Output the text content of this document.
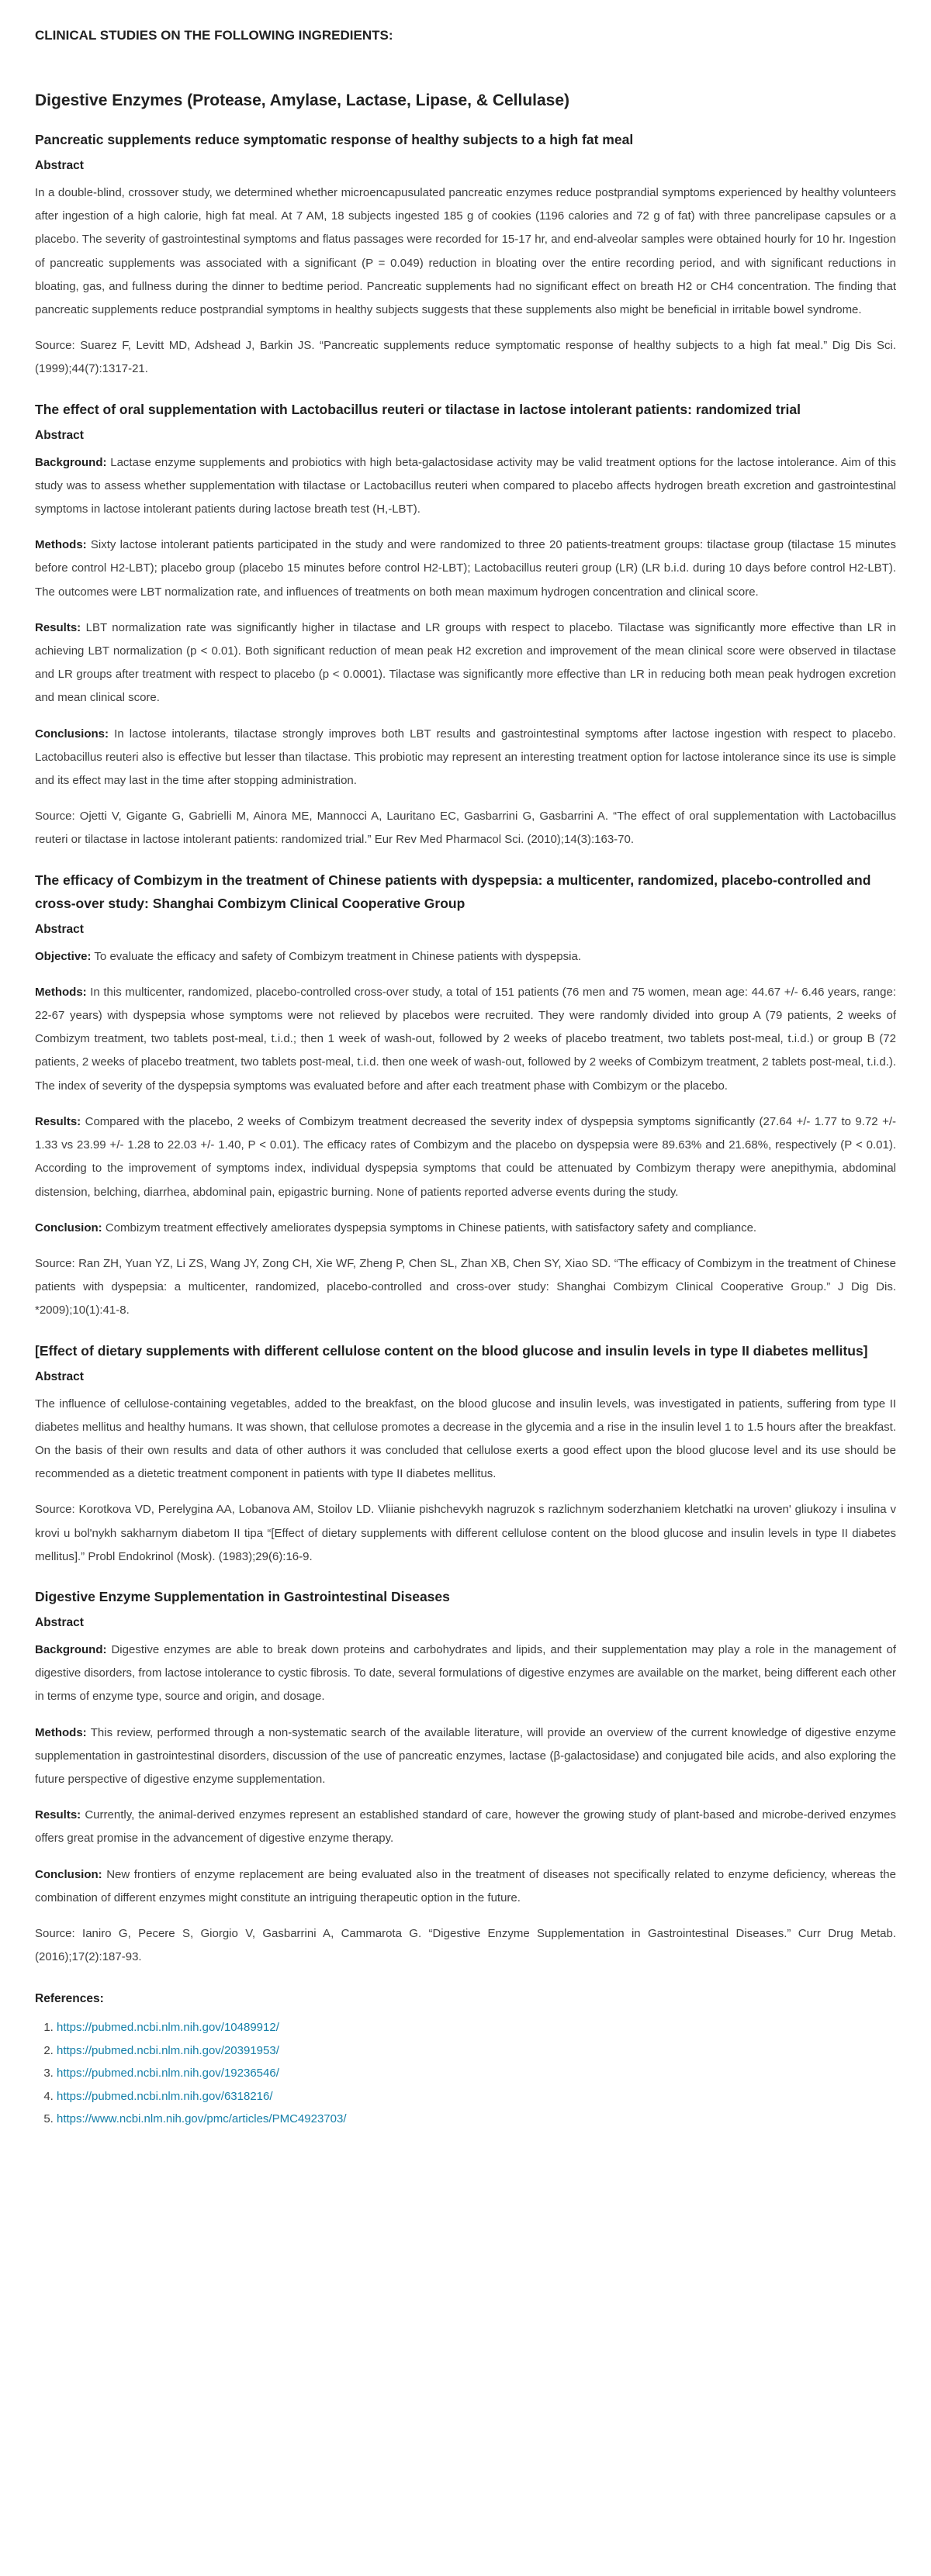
CLINICAL STUDIES ON THE FOLLOWING INGREDIENTS:
Digestive Enzymes (Protease, Amylase, Lactase, Lipase, & Cellulase)
Pancreatic supplements reduce symptomatic response of healthy subjects to a high fat meal
Abstract

In a double-blind, crossover study, we determined whether microencapusulated pancreatic enzymes reduce postprandial symptoms experienced by healthy volunteers after ingestion of a high calorie, high fat meal. At 7 AM, 18 subjects ingested 185 g of cookies (1196 calories and 72 g of fat) with three pancrelipase capsules or a placebo. The severity of gastrointestinal symptoms and flatus passages were recorded for 15-17 hr, and end-alveolar samples were obtained hourly for 10 hr. Ingestion of pancreatic supplements was associated with a significant (P = 0.049) reduction in bloating over the entire recording period, and with significant reductions in bloating, gas, and fullness during the dinner to bedtime period. Pancreatic supplements had no significant effect on breath H2 or CH4 concentration. The finding that pancreatic supplements reduce postprandial symptoms in healthy subjects suggests that these supplements also might be beneficial in irritable bowel syndrome.

Source: Suarez F, Levitt MD, Adshead J, Barkin JS. “Pancreatic supplements reduce symptomatic response of healthy subjects to a high fat meal.” Dig Dis Sci. (1999);44(7):1317-21.

The effect of oral supplementation with Lactobacillus reuteri or tilactase in lactose intolerant patients: randomized trial
Abstract

Background: Lactase enzyme supplements and probiotics with high beta-galactosidase activity may be valid treatment options for the lactose intolerance. Aim of this study was to assess whether supplementation with tilactase or Lactobacillus reuteri when compared to placebo affects hydrogen breath excretion and gastrointestinal symptoms in lactose intolerant patients during lactose breath test (H,-LBT).

Methods: Sixty lactose intolerant patients participated in the study and were randomized to three 20 patients-treatment groups: tilactase group (tilactase 15 minutes before control H2-LBT); placebo group (placebo 15 minutes before control H2-LBT); Lactobacillus reuteri group (LR) (LR b.i.d. during 10 days before control H2-LBT). The outcomes were LBT normalization rate, and influences of treatments on both mean maximum hydrogen concentration and clinical score.

Results: LBT normalization rate was significantly higher in tilactase and LR groups with respect to placebo. Tilactase was significantly more effective than LR in achieving LBT normalization (p < 0.01). Both significant reduction of mean peak H2 excretion and improvement of the mean clinical score were observed in tilactase and LR groups after treatment with respect to placebo (p < 0.0001). Tilactase was significantly more effective than LR in reducing both mean peak hydrogen excretion and mean clinical score.

Conclusions: In lactose intolerants, tilactase strongly improves both LBT results and gastrointestinal symptoms after lactose ingestion with respect to placebo. Lactobacillus reuteri also is effective but lesser than tilactase. This probiotic may represent an interesting treatment option for lactose intolerance since its use is simple and its effect may last in the time after stopping administration.

Source: Ojetti V, Gigante G, Gabrielli M, Ainora ME, Mannocci A, Lauritano EC, Gasbarrini G, Gasbarrini A. “The effect of oral supplementation with Lactobacillus reuteri or tilactase in lactose intolerant patients: randomized trial.” Eur Rev Med Pharmacol Sci. (2010);14(3):163-70.

The efficacy of Combizym in the treatment of Chinese patients with dyspepsia: a multicenter, randomized, placebo-controlled and cross-over study: Shanghai Combizym Clinical Cooperative Group
Abstract

Objective: To evaluate the efficacy and safety of Combizym treatment in Chinese patients with dyspepsia.

Methods: In this multicenter, randomized, placebo-controlled cross-over study, a total of 151 patients (76 men and 75 women, mean age: 44.67 +/- 6.46 years, range: 22-67 years) with dyspepsia whose symptoms were not relieved by placebos were recruited. They were randomly divided into group A (79 patients, 2 weeks of Combizym treatment, two tablets post-meal, t.i.d.; then 1 week of wash-out, followed by 2 weeks of placebo treatment, two tablets post-meal, t.i.d.) or group B (72 patients, 2 weeks of placebo treatment, two tablets post-meal, t.i.d. then one week of wash-out, followed by 2 weeks of Combizym treatment, 2 tablets post-meal, t.i.d.). The index of severity of the dyspepsia symptoms was evaluated before and after each treatment phase with Combizym or the placebo.

Results: Compared with the placebo, 2 weeks of Combizym treatment decreased the severity index of dyspepsia symptoms significantly (27.64 +/- 1.77 to 9.72 +/- 1.33 vs 23.99 +/- 1.28 to 22.03 +/- 1.40, P < 0.01). The efficacy rates of Combizym and the placebo on dyspepsia were 89.63% and 21.68%, respectively (P < 0.01). According to the improvement of symptoms index, individual dyspepsia symptoms that could be attenuated by Combizym therapy were anepithymia, abdominal distension, belching, diarrhea, abdominal pain, epigastric burning. None of patients reported adverse events during the study.

Conclusion: Combizym treatment effectively ameliorates dyspepsia symptoms in Chinese patients, with satisfactory safety and compliance.

Source: Ran ZH, Yuan YZ, Li ZS, Wang JY, Zong CH, Xie WF, Zheng P, Chen SL, Zhan XB, Chen SY, Xiao SD. “The efficacy of Combizym in the treatment of Chinese patients with dyspepsia: a multicenter, randomized, placebo-controlled and cross-over study: Shanghai Combizym Clinical Cooperative Group.” J Dig Dis. *2009);10(1):41-8.

[Effect of dietary supplements with different cellulose content on the blood glucose and insulin levels in type II diabetes mellitus]
Abstract

The influence of cellulose-containing vegetables, added to the breakfast, on the blood glucose and insulin levels, was investigated in patients, suffering from type II diabetes mellitus and healthy humans. It was shown, that cellulose promotes a decrease in the glycemia and a rise in the insulin level 1 to 1.5 hours after the breakfast. On the basis of their own results and data of other authors it was concluded that cellulose exerts a good effect upon the blood glucose level and its use should be recommended as a dietetic treatment component in patients with type II diabetes mellitus.

Source: Korotkova VD, Perelygina AA, Lobanova AM, Stoilov LD. Vliianie pishchevykh nagruzok s razlichnym soderzhaniem kletchatki na uroven' gliukozy i insulina v krovi u bol'nykh sakharnym diabetom II tipa “[Effect of dietary supplements with different cellulose content on the blood glucose and insulin levels in type II diabetes mellitus].” Probl Endokrinol (Mosk). (1983);29(6):16-9.

Digestive Enzyme Supplementation in Gastrointestinal Diseases
Abstract

Background: Digestive enzymes are able to break down proteins and carbohydrates and lipids, and their supplementation may play a role in the management of digestive disorders, from lactose intolerance to cystic fibrosis. To date, several formulations of digestive enzymes are available on the market, being different each other in terms of enzyme type, source and origin, and dosage.

Methods: This review, performed through a non-systematic search of the available literature, will provide an overview of the current knowledge of digestive enzyme supplementation in gastrointestinal disorders, discussion of the use of pancreatic enzymes, lactase (β-galactosidase) and conjugated bile acids, and also exploring the future perspective of digestive enzyme supplementation.

Results: Currently, the animal-derived enzymes represent an established standard of care, however the growing study of plant-based and microbe-derived enzymes offers great promise in the advancement of digestive enzyme therapy.

Conclusion: New frontiers of enzyme replacement are being evaluated also in the treatment of diseases not specifically related to enzyme deficiency, whereas the combination of different enzymes might constitute an intriguing therapeutic option in the future.

Source: Ianiro G, Pecere S, Giorgio V, Gasbarrini A, Cammarota G. “Digestive Enzyme Supplementation in Gastrointestinal Diseases.” Curr Drug Metab. (2016);17(2):187-93.

References:
1. https://pubmed.ncbi.nlm.nih.gov/10489912/
2. https://pubmed.ncbi.nlm.nih.gov/20391953/
3. https://pubmed.ncbi.nlm.nih.gov/19236546/
4. https://pubmed.ncbi.nlm.nih.gov/6318216/
5. https://www.ncbi.nlm.nih.gov/pmc/articles/PMC4923703/
